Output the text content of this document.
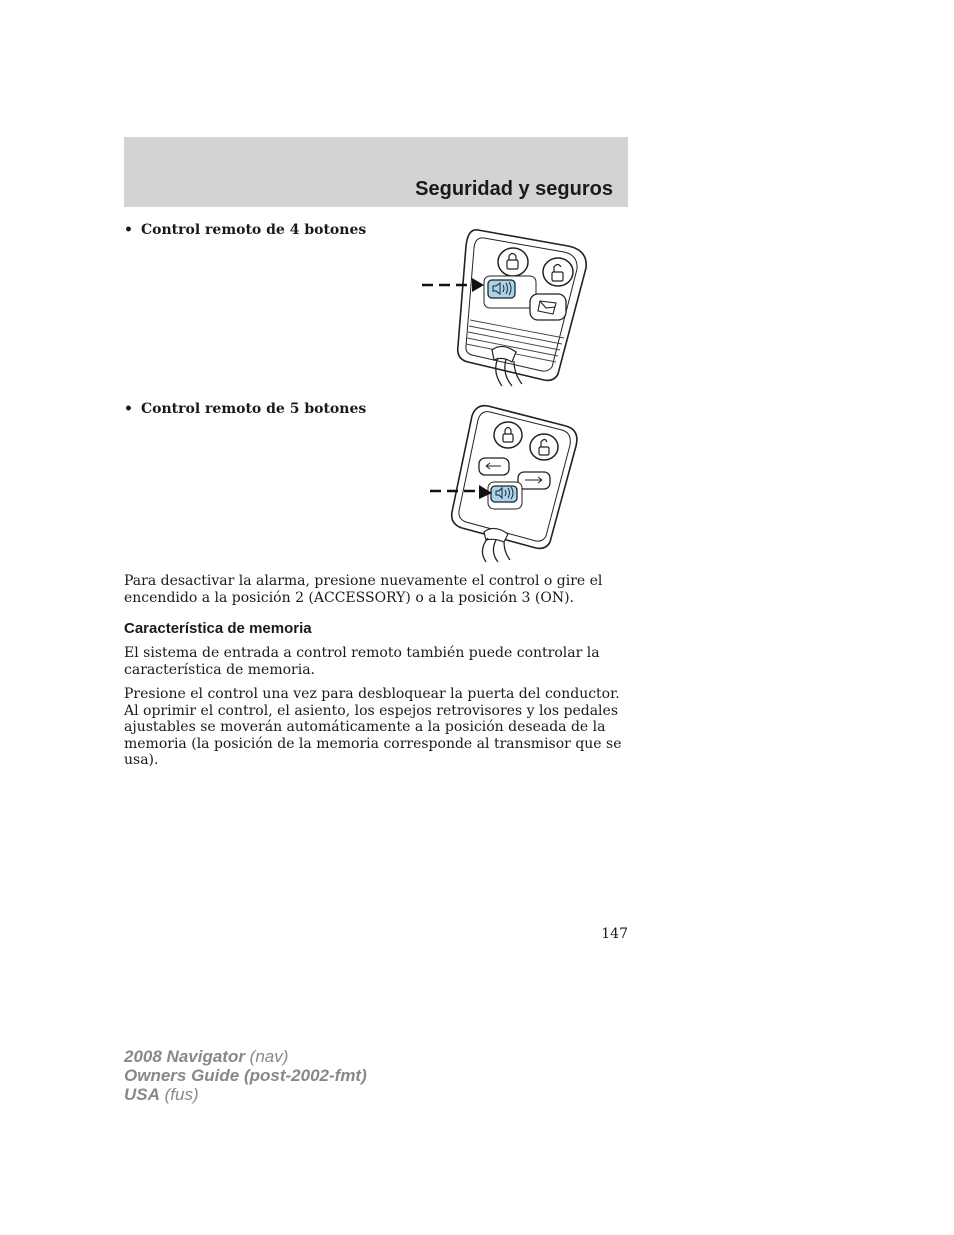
Seguridad y seguros
• Control remoto de 4 botones
• Control remoto de 5 botones

Para desactivar la alarma, presione nuevamente el control o gire el encendido a la posición 2 (ACCESSORY) o a la posición 3 (ON).

Característica de memoria

El sistema de entrada a control remoto también puede controlar la característica de memoria.

Presione el control una vez para desbloquear la puerta del conductor. Al oprimir el control, el asiento, los espejos retrovisores y los pedales ajustables se moverán automáticamente a la posición deseada de la memoria (la posición de la memoria corresponde al transmisor que se usa).

147
2008 Navigator (nav)
Owners Guide (post-2002-fmt)
USA (fus)
